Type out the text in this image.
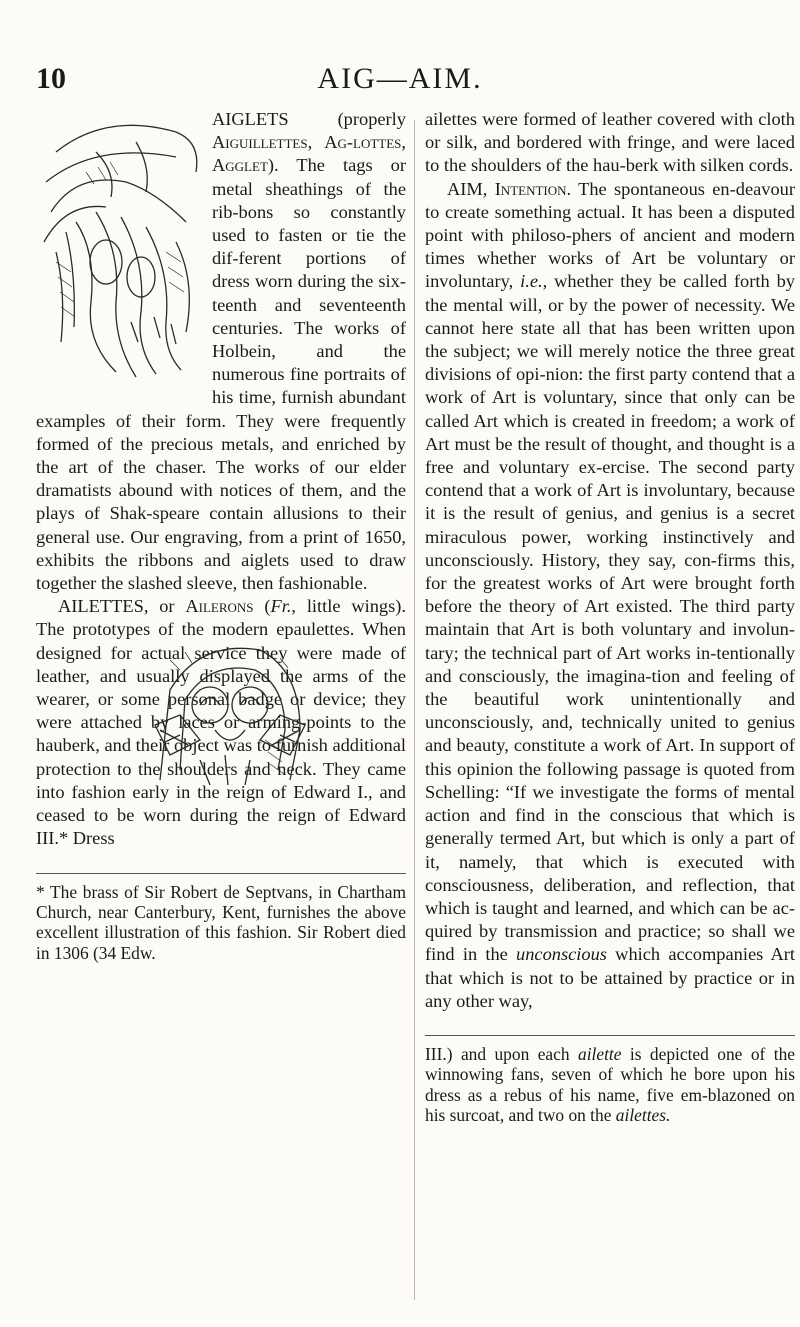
10	AIG—AIM.

AIGLETS	(properly Aiguillettes, Ag-lottes, Agglet). The tags or metal sheathings of the rib-bons so constantly used to fasten or tie the dif-ferent portions of dress worn during the six-teenth and seventeenth centuries. The works of Holbein, and the numerous fine portraits of his time, furnish abundant examples of their form. They were frequently formed of the precious metals, and enriched by the art of the chaser. The works of our elder dramatists abound with notices of them, and the plays of Shak-speare contain allusions to their general use. Our engraving, from a print of 1650, exhibits the ribbons and aiglets used to draw together the slashed sleeve, then fashionable.

AILETTES, or Ailerons (Fr., little wings). The prototypes of the modern epaulettes. When designed for actual service they were made of leather, and usually displayed the arms of the wearer, or some personal badge or device; they were attached by laces or arming-points to the hauberk, and their object was to furnish additional protection to the shoulders and neck. They came into fashion early in the reign of Edward I., and ceased to be worn during the reign of Edward III.* Dress

* The brass of Sir Robert de Septvans, in Chartham Church, near Canterbury, Kent, furnishes the above excellent illustration of this fashion. Sir Robert died in 1306 (34 Edw.

ailettes were formed of leather covered with cloth or silk, and bordered with fringe, and were laced to the shoulders of the hau-berk with silken cords.

AIM, Intention. The spontaneous en-deavour to create something actual. It has been a disputed point with philoso-phers of ancient and modern times whether works of Art be voluntary or involuntary, i.e., whether they be called forth by the mental will, or by the power of necessity. We cannot here state all that has been written upon the subject; we will merely notice the three great divisions of opi-nion: the first party contend that a work of Art is voluntary, since that only can be called Art which is created in freedom; a work of Art must be the result of thought, and thought is a free and voluntary ex-ercise. The second party contend that a work of Art is involuntary, because it is the result of genius, and genius is a secret miraculous power, working instinctively and unconsciously. History, they say, con-firms this, for the greatest works of Art were brought forth before the theory of Art existed. The third party maintain that Art is both voluntary and involun-tary; the technical part of Art works in-tentionally and consciously, the imagina-tion and feeling of the beautiful work unintentionally and unconsciously, and, technically united to genius and beauty, constitute a work of Art. In support of this opinion the following passage is quoted from Schelling: “If we investigate the forms of mental action and find in the conscious that which is generally termed Art, but which is only a part of it, namely, that which is executed with consciousness, deliberation, and reflection, that which is taught and learned, and which can be ac-quired by transmission and practice; so shall we find in the unconscious which accompanies Art that which is not to be attained by practice or in any other way,

III.) and upon each ailette is depicted one of the winnowing fans, seven of which he bore upon his dress as a rebus of his name, five em-blazoned on his surcoat, and two on the ailettes.
